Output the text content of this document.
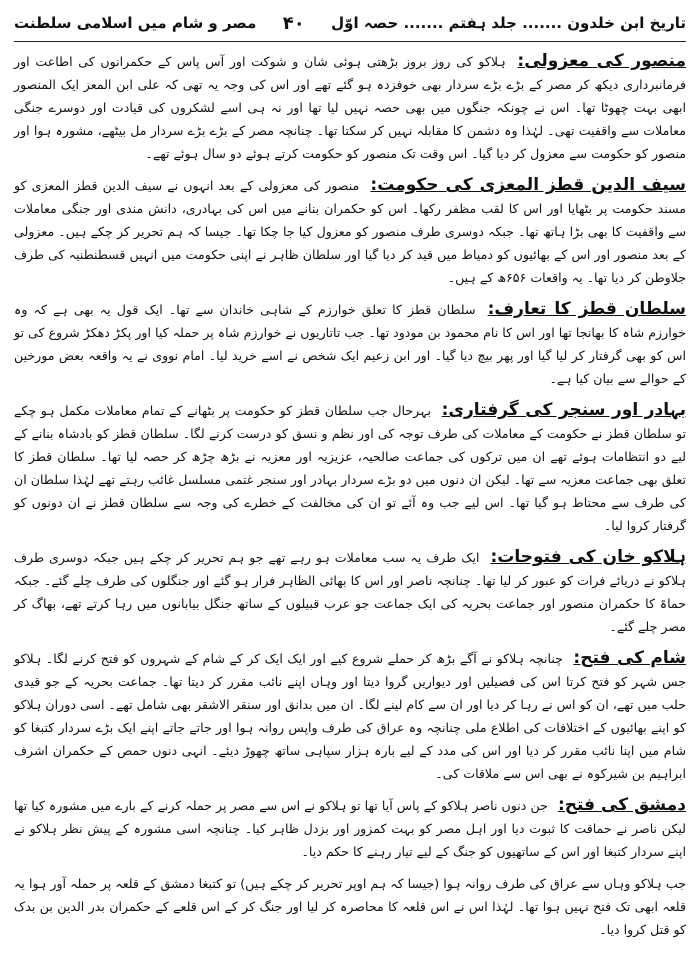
تاریخ ابن خلدون ....... جلد ہفتم ....... حصہ اوّل
۴۰
مصر و شام میں اسلامی سلطنت

منصور کی معزولی: ہلاکو کی روز بروز بڑھتی ہوئی شان و شوکت اور آس پاس کے حکمرانوں کی اطاعت اور فرمانبرداری دیکھ کر مصر کے بڑے بڑے سردار بھی خوفزدہ ہو گئے تھے اور اس کی وجہ یہ تھی کہ علی ابن المعز ایک المنصور ابھی بہت چھوٹا تھا۔ اس نے چونکہ جنگوں میں بھی حصہ نہیں لیا تھا اور نہ ہی اسے لشکروں کی قیادت اور دوسرے جنگی معاملات سے واقفیت تھی۔ لہٰذا وہ دشمن کا مقابلہ نہیں کر سکتا تھا۔ چنانچہ مصر کے بڑے بڑے سردار مل بیٹھے، مشورہ ہوا اور منصور کو حکومت سے معزول کر دیا گیا۔ اس وقت تک منصور کو حکومت کرتے ہوئے دو سال ہوئے تھے۔

سیف الدین قطز المعزی کی حکومت: منصور کی معزولی کے بعد انہوں نے سیف الدین قطز المعزی کو مسند حکومت پر بٹھایا اور اس کا لقب مظفر رکھا۔ اس کو حکمران بنانے میں اس کی بہادری، دانش مندی اور جنگی معاملات سے واقفیت کا بھی بڑا ہاتھ تھا۔ جبکہ دوسری طرف منصور کو معزول کیا جا چکا تھا۔ جیسا کہ ہم تحریر کر چکے ہیں۔ معزولی کے بعد منصور اور اس کے بھائیوں کو دمیاط میں قید کر دیا گیا اور سلطان ظاہر نے اپنی حکومت میں انہیں قسطنطنیہ کی طرف جلاوطن کر دیا تھا۔ یہ واقعات ۶۵۶ھ کے ہیں۔

سلطان قطز کا تعارف: سلطان قطز کا تعلق خوارزم کے شاہی خاندان سے تھا۔ ایک قول یہ بھی ہے کہ وہ خوارزم شاہ کا بھانجا تھا اور اس کا نام محمود بن مودود تھا۔ جب تاتاریوں نے خوارزم شاہ پر حملہ کیا اور پکڑ دھکڑ شروع کی تو اس کو بھی گرفتار کر لیا گیا اور پھر بیچ دیا گیا۔ اور ابن زعیم ایک شخص نے اسے خرید لیا۔ امام نووی نے یہ واقعہ بعض مورخین کے حوالے سے بیان کیا ہے۔

بہادر اور سنجر کی گرفتاری: بہرحال جب سلطان قطز کو حکومت پر بٹھانے کے تمام معاملات مکمل ہو چکے تو سلطان قطز نے حکومت کے معاملات کی طرف توجہ کی اور نظم و نسق کو درست کرنے لگا۔ سلطان قطز کو بادشاہ بنانے کے لیے دو انتظامات ہوئے تھے ان میں ترکوں کی جماعت صالحیہ، عزیزیہ اور معزیہ نے بڑھ چڑھ کر حصہ لیا تھا۔ سلطان قطز کا تعلق بھی جماعت معزیہ سے تھا۔ لیکن ان دنوں میں دو بڑے سردار بہادر اور سنجر غتمی مسلسل غائب رہتے تھے لہٰذا سلطان ان کی طرف سے محتاط ہو گیا تھا۔ اس لیے جب وہ آئے تو ان کی مخالفت کے خطرے کی وجہ سے سلطان قطز نے ان دونوں کو گرفتار کروا لیا۔

ہلاکو خان کی فتوحات: ایک طرف یہ سب معاملات ہو رہے تھے جو ہم تحریر کر چکے ہیں جبکہ دوسری طرف ہلاکو نے دریائے فرات کو عبور کر لیا تھا۔ چنانچہ ناصر اور اس کا بھائی الظاہر فرار ہو گئے اور جنگلوں کی طرف چلے گئے۔ جبکہ حماۃ کا حکمران منصور اور جماعت بحریہ کی ایک جماعت جو عرب قبیلوں کے ساتھ جنگل بیابانوں میں رہا کرتے تھے، بھاگ کر مصر چلے گئے۔

شام کی فتح: چنانچہ ہلاکو نے آگے بڑھ کر حملے شروع کیے اور ایک ایک کر کے شام کے شہروں کو فتح کرنے لگا۔ ہلاکو جس شہر کو فتح کرتا اس کی فصیلیں اور دیواریں گروا دیتا اور وہاں اپنے نائب مقرر کر دیتا تھا۔ جماعت بحریہ کے جو قیدی حلب میں تھے، ان کو اس نے رہا کر دیا اور ان سے کام لینے لگا۔ ان میں بدانق اور سنقر الاشقر بھی شامل تھے۔ اسی دوران ہلاکو کو اپنے بھائیوں کے اختلافات کی اطلاع ملی چنانچہ وہ عراق کی طرف واپس روانہ ہوا اور جاتے جاتے اپنے ایک بڑے سردار کتبغا کو شام میں اپنا نائب مقرر کر دیا اور اس کی مدد کے لیے بارہ ہزار سپاہی ساتھ چھوڑ دیئے۔ انہی دنوں حمص کے حکمران اشرف ابراہیم بن شیرکوہ نے بھی اس سے ملاقات کی۔

دمشق کی فتح: جن دنوں ناصر ہلاکو کے پاس آیا تھا تو ہلاکو نے اس سے مصر پر حملہ کرنے کے بارے میں مشورہ کیا تھا لیکن ناصر نے حماقت کا ثبوت دیا اور اہل مصر کو بہت کمزور اور بزدل ظاہر کیا۔ چنانچہ اسی مشورہ کے پیش نظر ہلاکو نے اپنے سردار کتبغا اور اس کے ساتھیوں کو جنگ کے لیے تیار رہنے کا حکم دیا۔

جب ہلاکو وہاں سے عراق کی طرف روانہ ہوا (جیسا کہ ہم اوپر تحریر کر چکے ہیں) تو کتبغا دمشق کے قلعہ پر حملہ آور ہوا یہ قلعہ ابھی تک فتح نہیں ہوا تھا۔ لہٰذا اس نے اس قلعہ کا محاصرہ کر لیا اور جنگ کر کے اس قلعے کے حکمران بدر الدین بن بدک کو قتل کروا دیا۔
